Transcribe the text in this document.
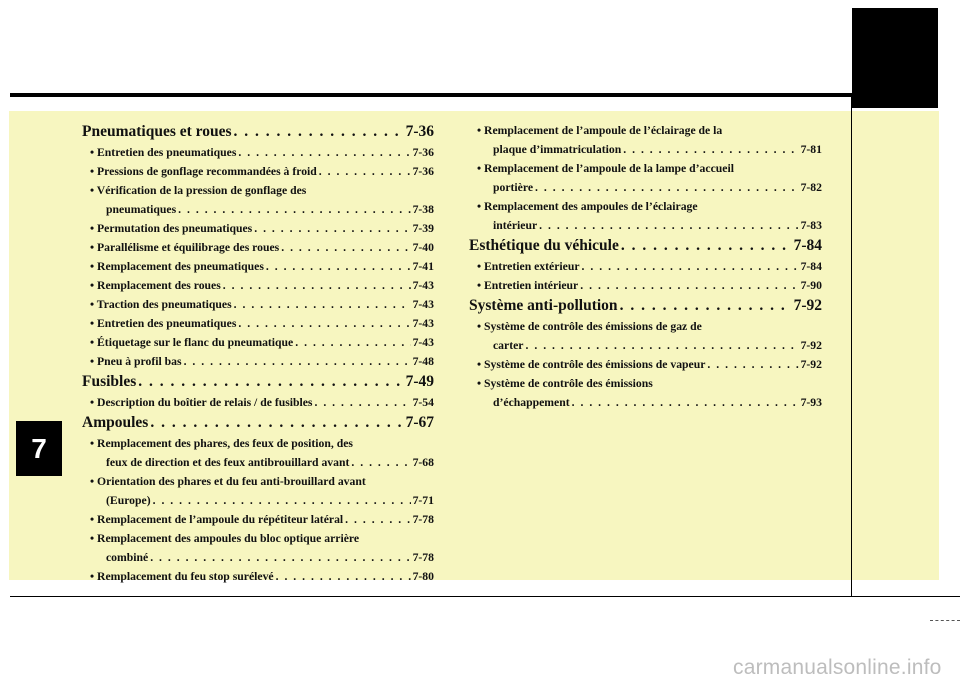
7
Pneumatiques et roues . . .	7-36
• Entretien des pneumatiques . . .	7-36
• Pressions de gonflage recommandées à froid . . .	7-36
• Vérification de la pression de gonflage des
pneumatiques . . .	7-38
• Permutation des pneumatiques . . .	7-39
• Parallélisme et équilibrage des roues . . .	7-40
• Remplacement des pneumatiques . . .	7-41
• Remplacement des roues . . .	7-43
• Traction des pneumatiques . . .	7-43
• Entretien des pneumatiques . . .	7-43
• Étiquetage sur le flanc du pneumatique . . .	7-43
• Pneu à profil bas . . .	7-48
Fusibles . . .	7-49
• Description du boîtier de relais / de fusibles . . .	7-54
Ampoules . . .	7-67
• Remplacement des phares, des feux de position, des
feux de direction et des feux antibrouillard avant . . .	7-68
• Orientation des phares et du feu anti-brouillard avant
(Europe) . . .	7-71
• Remplacement de l’ampoule du répétiteur latéral . . .	7-78
• Remplacement des ampoules du bloc optique arrière
combiné . . .	7-78
• Remplacement du feu stop surélevé . . .	7-80
• Remplacement de l’ampoule de l’éclairage de la
plaque d’immatriculation . . .	7-81
• Remplacement de l’ampoule de la lampe d’accueil
portière . . .	7-82
• Remplacement des ampoules de l’éclairage
intérieur . . .	7-83
Esthétique du véhicule . . .	7-84
• Entretien extérieur . . .	7-84
• Entretien intérieur . . .	7-90
Système anti-pollution . . .	7-92
• Système de contrôle des émissions de gaz de
carter . . .	7-92
• Système de contrôle des émissions de vapeur . . .	7-92
• Système de contrôle des émissions
d’échappement . . .	7-93
carmanualsonline.info
